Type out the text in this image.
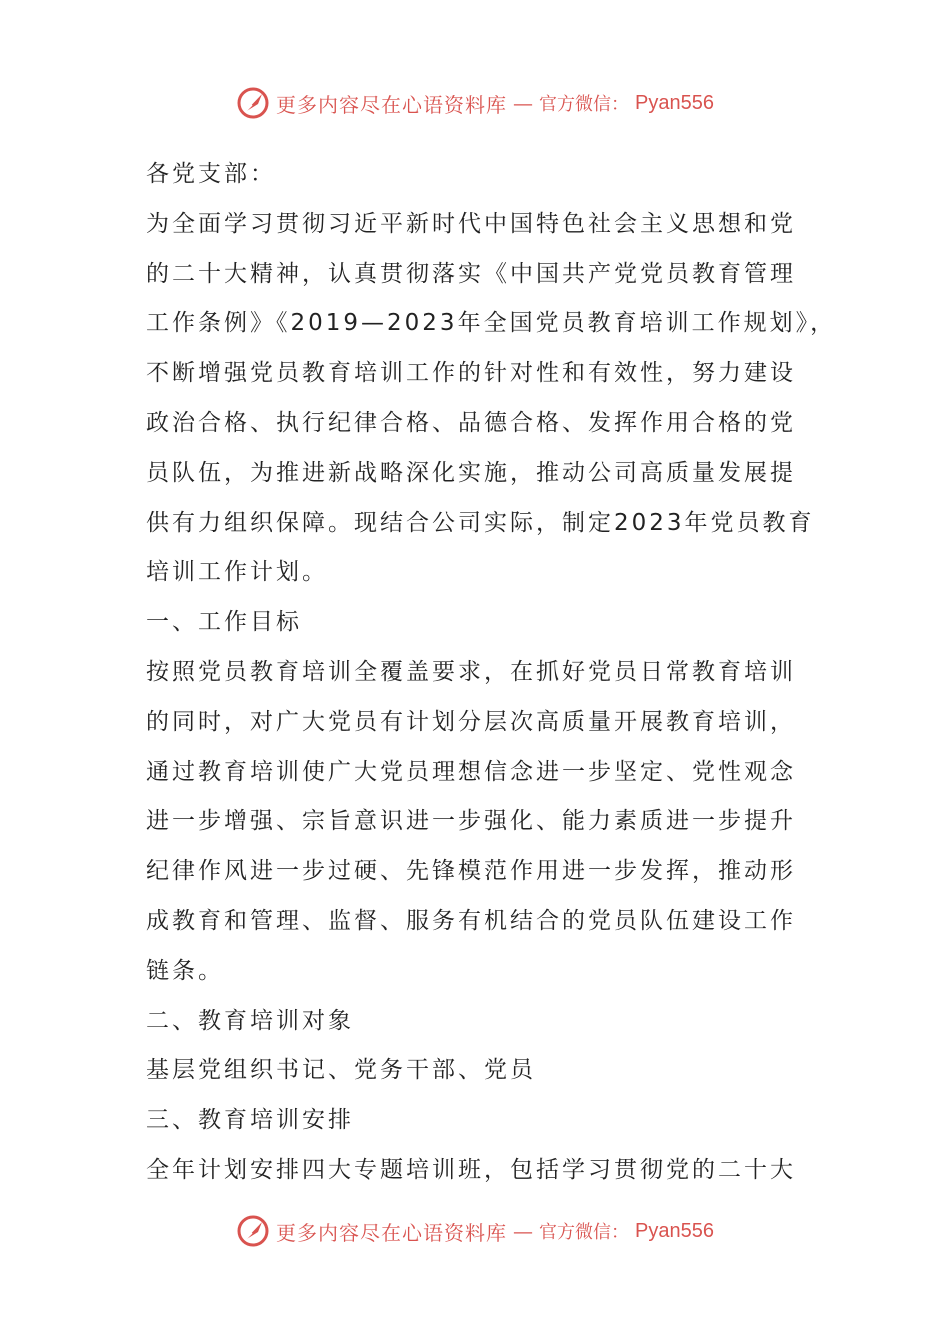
更多内容尽在心语资料库 — 官方微信： Pyan556
各党支部：
为全面学习贯彻习近平新时代中国特色社会主义思想和党
的二十大精神，认真贯彻落实《中国共产党党员教育管理
工作条例》《2019—2023年全国党员教育培训工作规划》，
不断增强党员教育培训工作的针对性和有效性，努力建设
政治合格、执行纪律合格、品德合格、发挥作用合格的党
员队伍，为推进新战略深化实施，推动公司高质量发展提
供有力组织保障。现结合公司实际，制定2023年党员教育
培训工作计划。
一、工作目标
按照党员教育培训全覆盖要求，在抓好党员日常教育培训
的同时，对广大党员有计划分层次高质量开展教育培训，
通过教育培训使广大党员理想信念进一步坚定、党性观念
进一步增强、宗旨意识进一步强化、能力素质进一步提升
纪律作风进一步过硬、先锋模范作用进一步发挥，推动形
成教育和管理、监督、服务有机结合的党员队伍建设工作
链条。
二、教育培训对象
基层党组织书记、党务干部、党员
三、教育培训安排
全年计划安排四大专题培训班，包括学习贯彻党的二十大
更多内容尽在心语资料库 — 官方微信： Pyan556
